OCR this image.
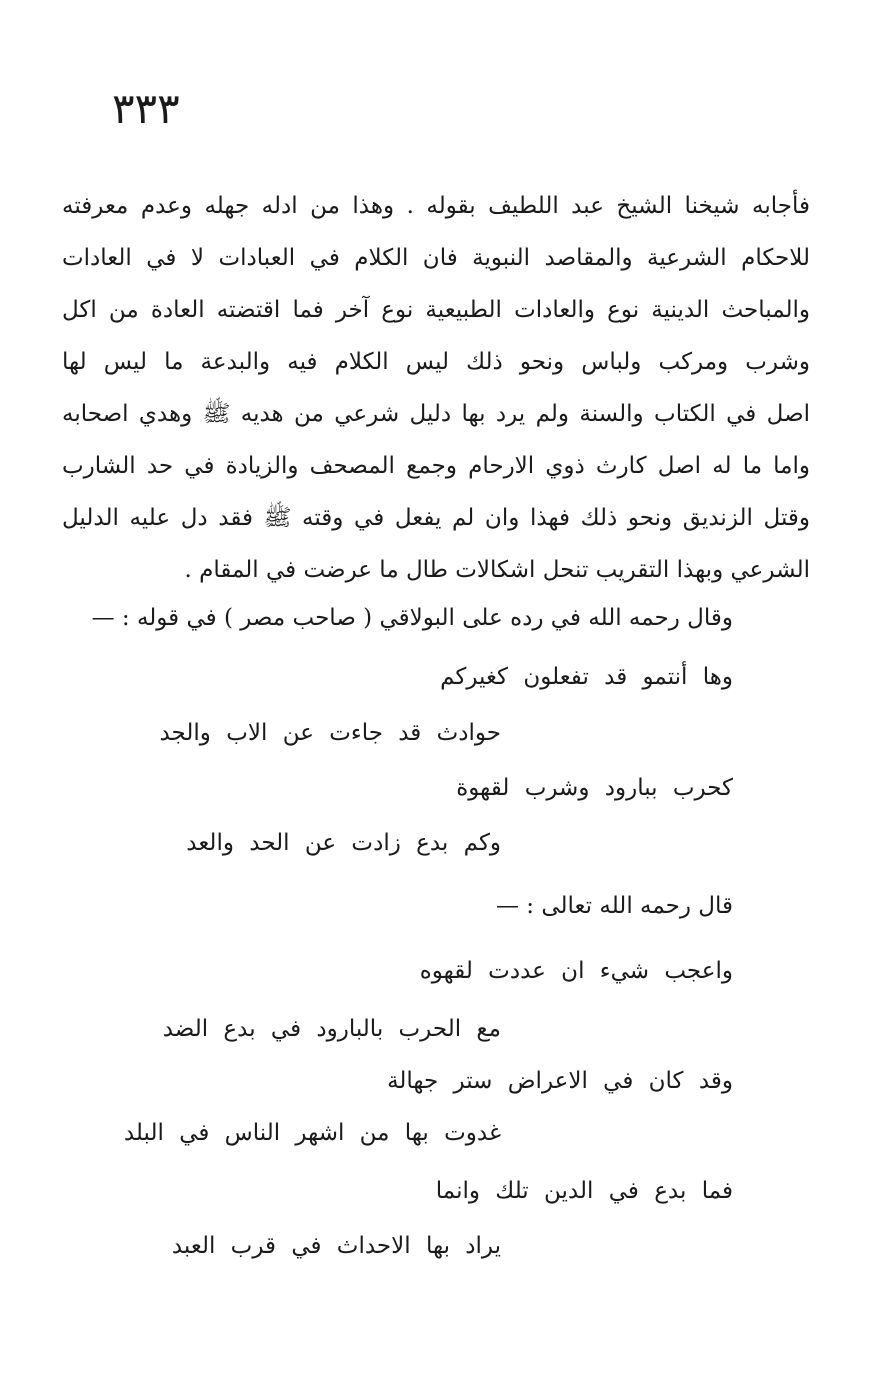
٣٣٣
فأجابه شيخنا الشيخ عبد اللطيف بقوله . وهذا من ادله جهله وعدم معرفته
للاحكام الشرعية والمقاصد النبوية فان الكلام في العبادات لا في العادات
والمباحث الدينية نوع والعادات الطبيعية نوع آخر فما اقتضته العادة من اكل
وشرب ومركب ولباس ونحو ذلك ليس الكلام فيه والبدعة ما ليس لها
اصل في الكتاب والسنة ولم يرد بها دليل شرعي من هديه ﷺ وهدي اصحابه
واما ما له اصل كارث ذوي الارحام وجمع المصحف والزيادة في حد الشارب
وقتل الزنديق ونحو ذلك فهذا وان لم يفعل في وقته ﷺ فقد دل عليه الدليل
الشرعي وبهذا التقريب تنحل اشكالات طال ما عرضت في المقام .
وقال رحمه الله في رده على البولاقي ( صاحب مصر ) في قوله : —
وها أنتمو قد تفعلون كغيركم
حوادث قد جاءت عن الاب والجد
كحرب ببارود وشرب لقهوة
وكم بدع زادت عن الحد والعد
قال رحمه الله تعالى : —
واعجب شيء ان عددت لقهوه
مع الحرب بالبارود في بدع الضد
وقد كان في الاعراض ستر جهالة
غدوت بها من اشهر الناس في البلد
فما بدع في الدين تلك وانما
يراد بها الاحداث في قرب العبد
